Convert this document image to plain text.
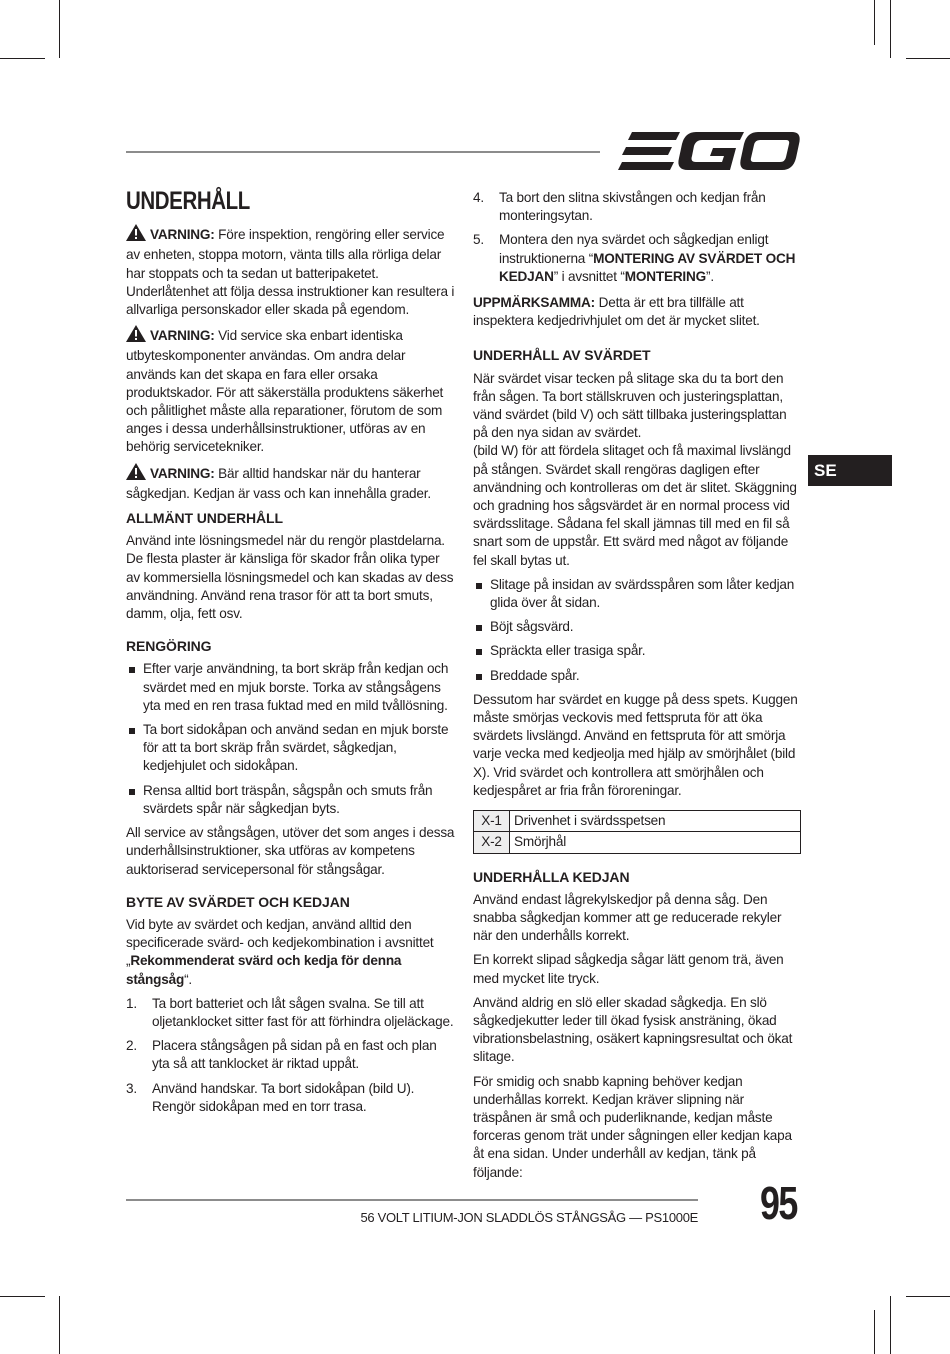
UNDERHÅLL

VARNING: Före inspektion, rengöring eller service av enheten, stoppa motorn, vänta tills alla rörliga delar har stoppats och ta sedan ut batteripaketet. Underlåtenhet att följa dessa instruktioner kan resultera i allvarliga personskador eller skada på egendom.

VARNING: Vid service ska enbart identiska utbyteskomponenter användas. Om andra delar används kan det skapa en fara eller orsaka produktskador. För att säkerställa produktens säkerhet och pålitlighet måste alla reparationer, förutom de som anges i dessa underhållsinstruktioner, utföras av en behörig servicetekniker.

VARNING: Bär alltid handskar när du hanterar sågkedjan. Kedjan är vass och kan innehålla grader.

ALLMÄNT UNDERHÅLL

Använd inte lösningsmedel när du rengör plastdelarna. De flesta plaster är känsliga för skador från olika typer av kommersiella lösningsmedel och kan skadas av dess användning. Använd rena trasor för att ta bort smuts, damm, olja, fett osv.

RENGÖRING
Efter varje användning, ta bort skräp från kedjan och svärdet med en mjuk borste. Torka av stångsågens yta med en ren trasa fuktad med en mild tvållösning.
Ta bort sidokåpan och använd sedan en mjuk borste för att ta bort skräp från svärdet, sågkedjan, kedjehjulet och sidokåpan.
Rensa alltid bort träspån, sågspån och smuts från svärdets spår när sågkedjan byts.

All service av stångsågen, utöver det som anges i dessa underhållsinstruktioner, ska utföras av kompetens auktoriserad servicepersonal för stångsågar.

BYTE AV SVÄRDET OCH KEDJAN

Vid byte av svärdet och kedjan, använd alltid den specificerade svärd- och kedjekombination i avsnittet „Rekommenderat svärd och kedja för denna stångsåg“.

1. Ta bort batteriet och låt sågen svalna. Se till att oljetanklocket sitter fast för att förhindra oljeläckage.
2. Placera stångsågen på sidan på en fast och plan yta så att tanklocket är riktad uppåt.
3. Använd handskar. Ta bort sidokåpan (bild U). Rengör sidokåpan med en torr trasa.
4. Ta bort den slitna skivstången och kedjan från monteringsytan.
5. Montera den nya svärdet och sågkedjan enligt instruktionerna “MONTERING AV SVÄRDET OCH KEDJAN” i avsnittet “MONTERING”.

UPPMÄRKSAMMA: Detta är ett bra tillfälle att inspektera kedjedrivhjulet om det är mycket slitet.

UNDERHÅLL AV SVÄRDET

När svärdet visar tecken på slitage ska du ta bort den från sågen. Ta bort ställskruven och justeringsplattan, vänd svärdet (bild V) och sätt tillbaka justeringsplattan på den nya sidan av svärdet.

(bild W) för att fördela slitaget och få maximal livslängd på stången. Svärdet skall rengöras dagligen efter användning och kontrolleras om det är slitet. Skäggning och gradning hos sågsvärdet är en normal process vid svärdsslitage. Sådana fel skall jämnas till med en fil så snart som de uppstår. Ett svärd med något av följande fel skall bytas ut.

Slitage på insidan av svärdsspåren som låter kedjan glida över åt sidan.
Böjt sågsvärd.
Spräckta eller trasiga spår.
Breddade spår.

Dessutom har svärdet en kugge på dess spets. Kuggen måste smörjas veckovis med fettspruta för att öka svärdets livslängd. Använd en fettspruta för att smörja varje vecka med kedjeolja med hjälp av smörjhålet (bild X). Vrid svärdet och kontrollera att smörjhålen och kedjespåret ar fria från föroreningar.

X-1	Drivenhet i svärdsspetsen
X-2	Smörjhål
UNDERHÅLLA KEDJAN

Använd endast lågrekylskedjor på denna såg. Den snabba sågkedjan kommer att ge reducerade rekyler när den underhålls korrekt.

En korrekt slipad sågkedja sågar lätt genom trä, även med mycket lite tryck.

Använd aldrig en slö eller skadad sågkedja. En slö sågkedjekutter leder till ökad fysisk ansträning, ökad vibrationsbelastning, osäkert kapningsresultat och ökat slitage.

För smidig och snabb kapning behöver kedjan underhållas korrekt. Kedjan kräver slipning när träspånen är små och puderliknande, kedjan måste forceras genom trät under sågningen eller kedjan kapa åt ena sidan. Under underhåll av kedjan, tänk på följande:

SE
56 VOLT LITIUM-JON SLADDLÖS STÅNGSÅG — PS1000E 95
